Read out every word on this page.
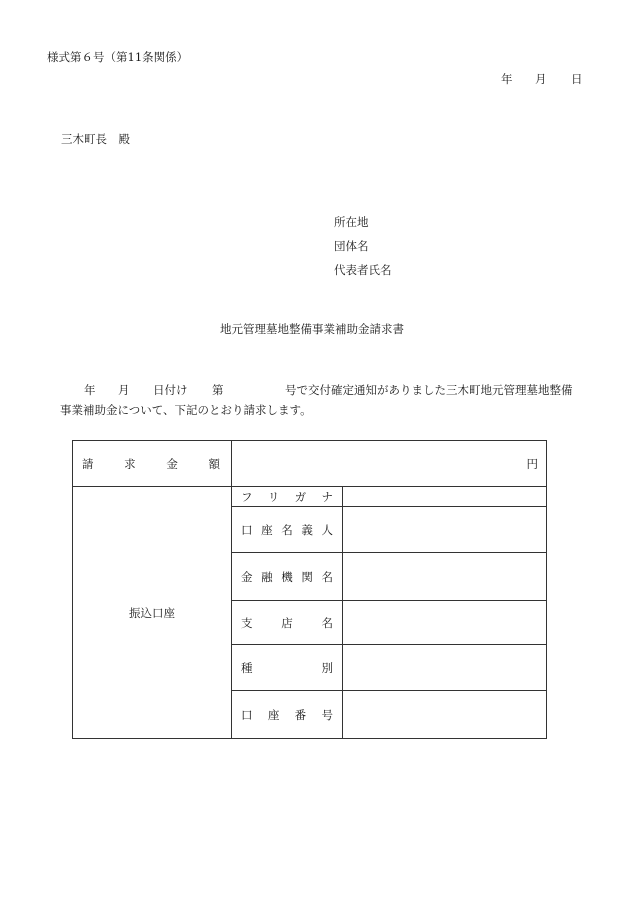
様式第６号（第11条関係）
年 月 日
三木町長　殿
所 在 地
団 体 名
代表者氏名
地元管理墓地整備事業補助金請求書
年 月 日付け 第	号で交付確定通知がありました三木町地元管理墓地整備
事業補助金について、下記のとおり請求します。
請 求 金 額	円	
振込口座	フ リ ガ ナ	

	口 座 名 義 人	

	金 融 機 関 名	

	支 店 名	

	種 別	

	口 座 番 号	
